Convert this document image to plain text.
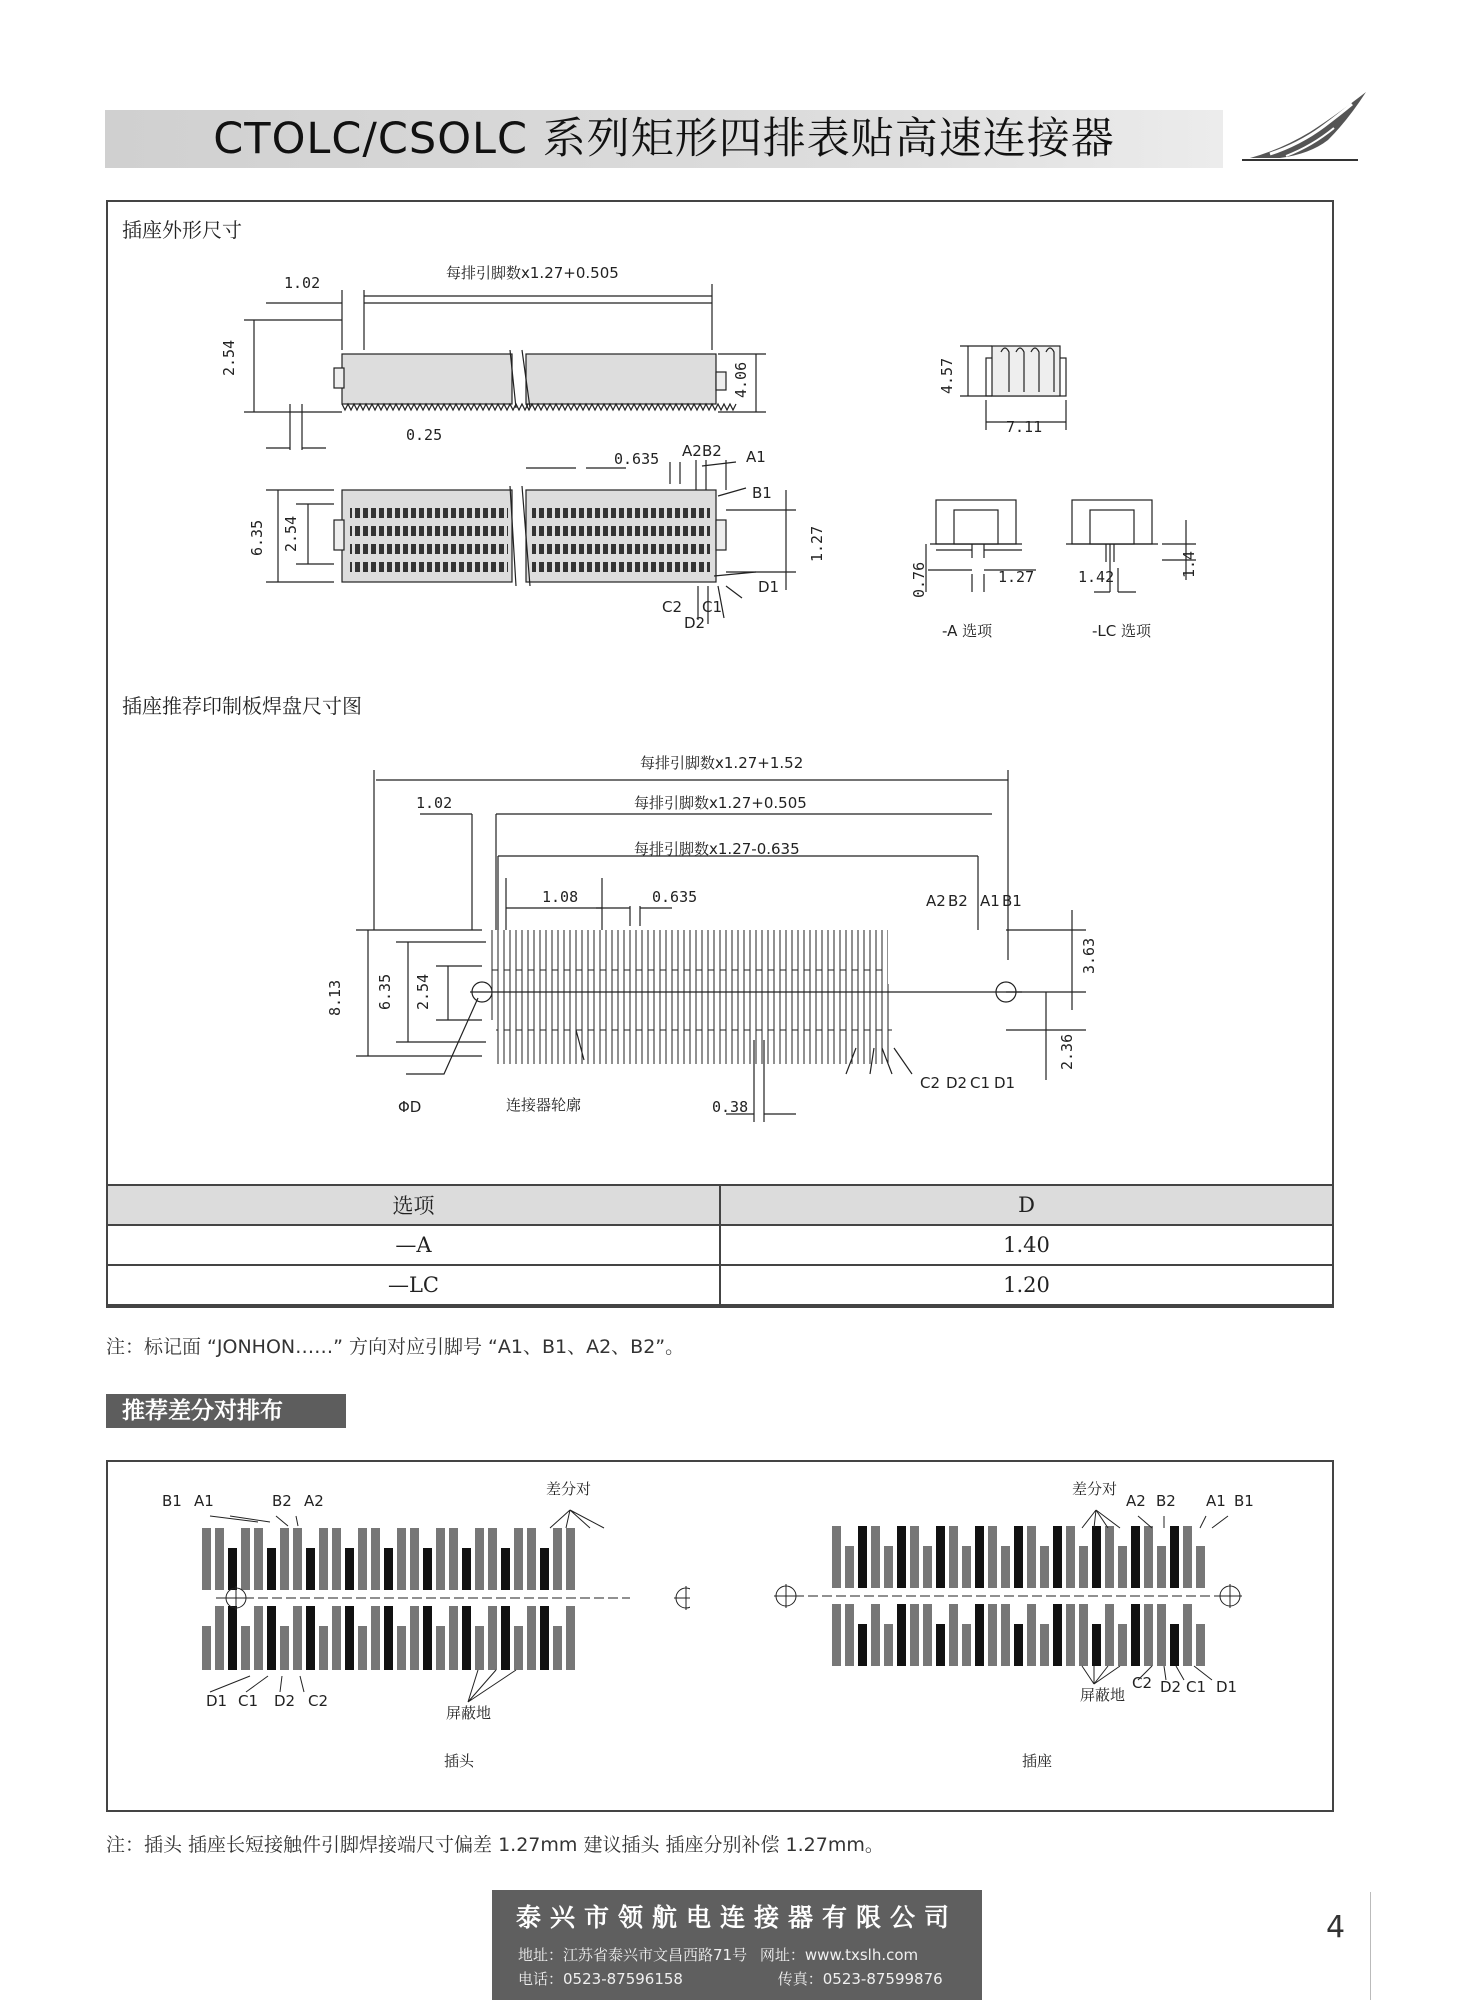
CTOLC/CSOLC 系列矩形四排表贴高速连接器
插座外形尺寸
1.02
每排引脚数x1.27+0.505
2.54
4.06
0.25
4.57
7.11
0.635
6.35 2.54	1.27
0.76	1.27	1.42	1.4
A2 B2 A1
B1
D1
C1
C2
D2	-A 选项	-LC 选项
插座推荐印制板焊盘尺寸图
每排引脚数x1.27+1.52
每排引脚数x1.27+0.505
每排引脚数x1.27-0.635
1.02
1.08	0.635
8.13 6.35 2.54
3.63
2.36
0.38
A2 B2 A1 B1
C2 D2 C1 D1
ΦD	连接器轮廓
选项	D
—A	1.40
—LC	1.20
注：标记面 “JONHON……” 方向对应引脚号 “A1、B1、A2、B2”。
推荐差分对排布
B1 A1	B2 A2
差分对
D1 C1 D2 C2
屏蔽地
插头
差分对
A2 B2 A1 B1
屏蔽地
C2 D2 C1 D1
插座
注：插头 插座长短接触件引脚焊接端尺寸偏差 1.27mm 建议插头 插座分别补偿 1.27mm。
泰兴市领航电连接器有限公司
地址：江苏省泰兴市文昌西路71号 网址：www.txslh.com
电话：0523-87596158	传真：0523-87599876
4
